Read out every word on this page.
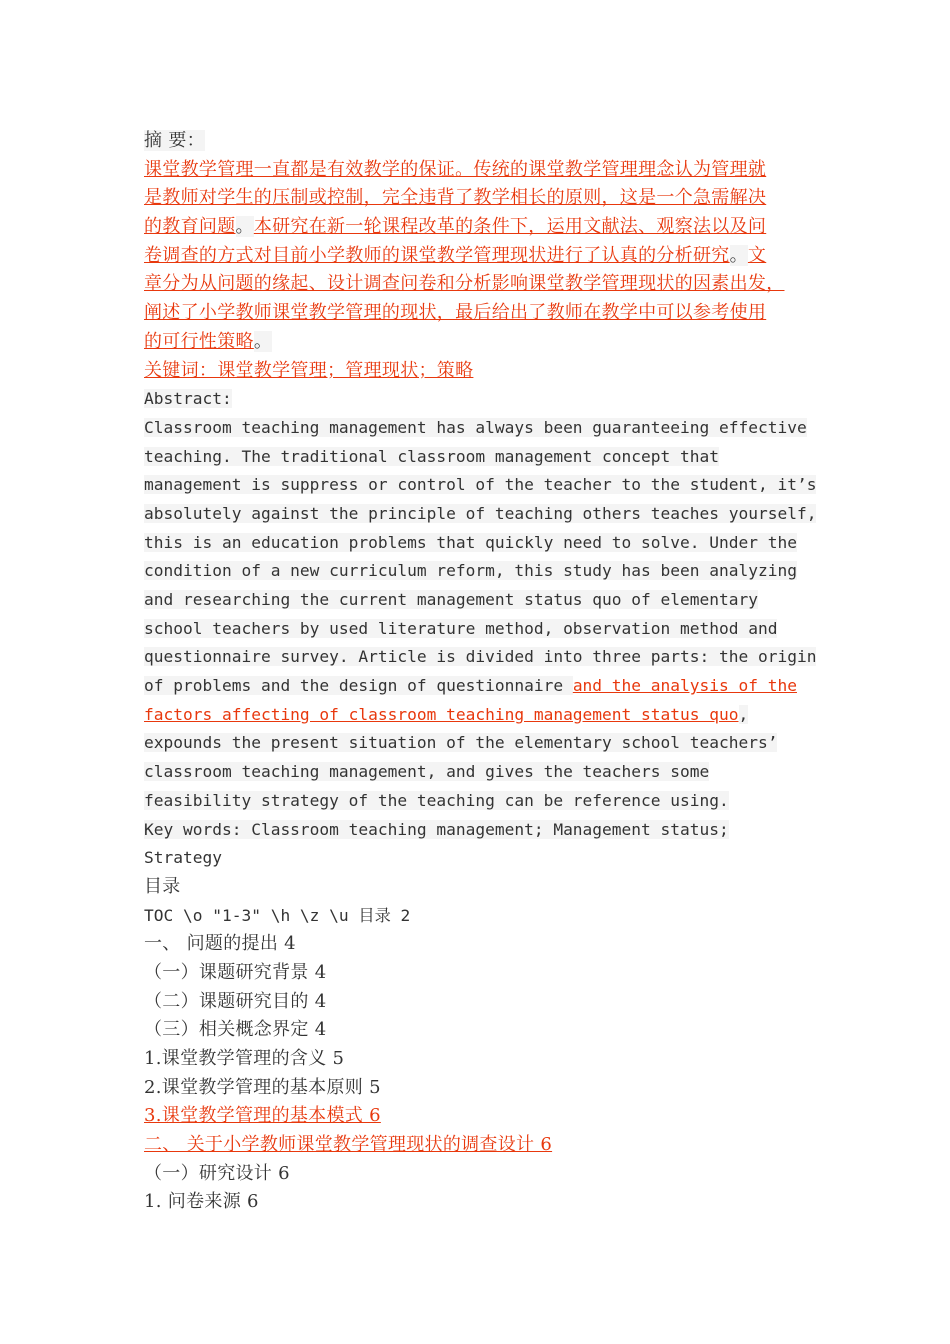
摘 要：
课堂教学管理一直都是有效教学的保证。传统的课堂教学管理理念认为管理就
是教师对学生的压制或控制，完全违背了教学相长的原则，这是一个急需解决
的教育问题。本研究在新一轮课程改革的条件下，运用文献法、观察法以及问
卷调查的方式对目前小学教师的课堂教学管理现状进行了认真的分析研究。文
章分为从问题的缘起、设计调查问卷和分析影响课堂教学管理现状的因素出发，
阐述了小学教师课堂教学管理的现状，最后给出了教师在教学中可以参考使用
的可行性策略。
关键词：课堂教学管理；管理现状；策略
Abstract:
Classroom teaching management has always been guaranteeing effective
teaching. The traditional classroom management concept that
management is suppress or control of the teacher to the student, it’s
absolutely against the principle of teaching others teaches yourself,
this is an education problems that quickly need to solve. Under the
condition of a new curriculum reform, this study has been analyzing
and researching the current management status quo of elementary
school teachers by used literature method, observation method and
questionnaire survey. Article is divided into three parts: the origin
of problems and the design of questionnaire and the analysis of the
factors affecting of classroom teaching management status quo,
expounds the present situation of the elementary school teachers’
classroom teaching management, and gives the teachers some
feasibility strategy of the teaching can be reference using.
Key words: Classroom teaching management; Management status;
Strategy
目录
TOC \o "1-3" \h \z \u 目录 2
一、 问题的提出 4
（一）课题研究背景 4
（二）课题研究目的 4
（三）相关概念界定 4
1.课堂教学管理的含义 5
2.课堂教学管理的基本原则 5
3.课堂教学管理的基本模式 6
二、 关于小学教师课堂教学管理现状的调查设计 6
（一）研究设计 6
1. 问卷来源 6
